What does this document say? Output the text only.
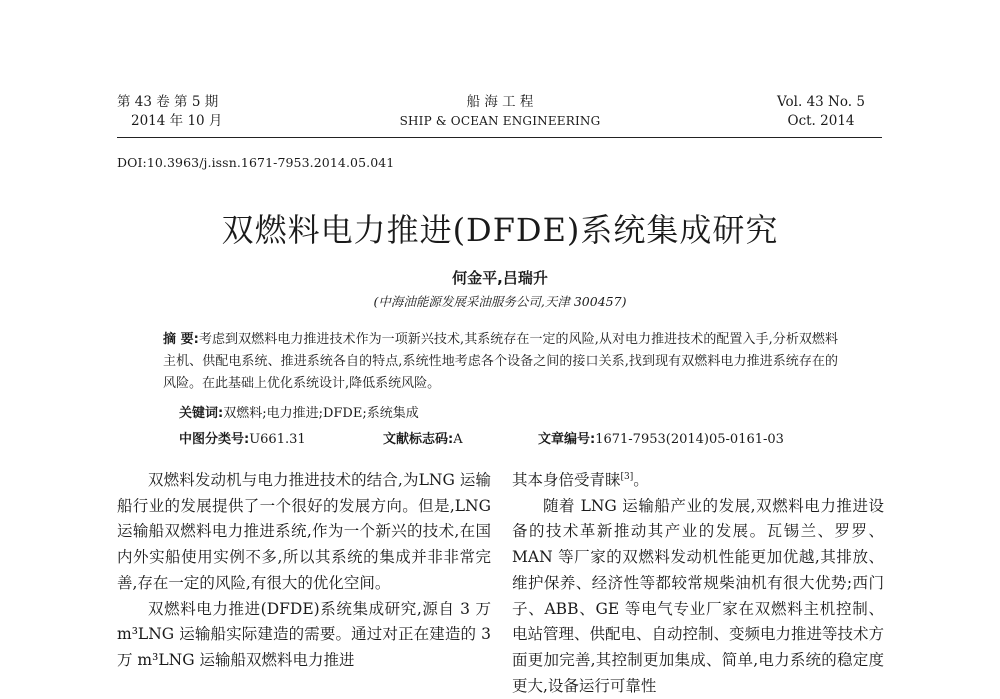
第 43 卷 第 5 期
2014 年 10 月
船 海 工 程
SHIP & OCEAN ENGINEERING
Vol. 43 No. 5
Oct. 2014
DOI:10.3963/j.issn.1671-7953.2014.05.041
双燃料电力推进(DFDE)系统集成研究
何金平,吕瑞升
(中海油能源发展采油服务公司,天津 300457)
摘 要:考虑到双燃料电力推进技术作为一项新兴技术,其系统存在一定的风险,从对电力推进技术的配置入手,分析双燃料主机、供配电系统、推进系统各自的特点,系统性地考虑各个设备之间的接口关系,找到现有双燃料电力推进系统存在的风险。在此基础上优化系统设计,降低系统风险。
关键词:双燃料;电力推进;DFDE;系统集成
中图分类号:U661.31	文献标志码:A	文章编号:1671-7953(2014)05-0161-03

双燃料发动机与电力推进技术的结合,为LNG 运输船行业的发展提供了一个很好的发展方向。但是,LNG 运输船双燃料电力推进系统,作为一个新兴的技术,在国内外实船使用实例不多,所以其系统的集成并非非常完善,存在一定的风险,有很大的优化空间。

双燃料电力推进(DFDE)系统集成研究,源自 3 万 m³LNG 运输船实际建造的需要。通过对正在建造的 3 万 m³LNG 运输船双燃料电力推进

其本身倍受青睐[3]。

随着 LNG 运输船产业的发展,双燃料电力推进设备的技术革新推动其产业的发展。瓦锡兰、罗罗、MAN 等厂家的双燃料发动机性能更加优越,其排放、维护保养、经济性等都较常规柴油机有很大优势;西门子、ABB、GE 等电气专业厂家在双燃料主机控制、电站管理、供配电、自动控制、变频电力推进等技术方面更加完善,其控制更加集成、简单,电力系统的稳定度更大,设备运行可靠性
